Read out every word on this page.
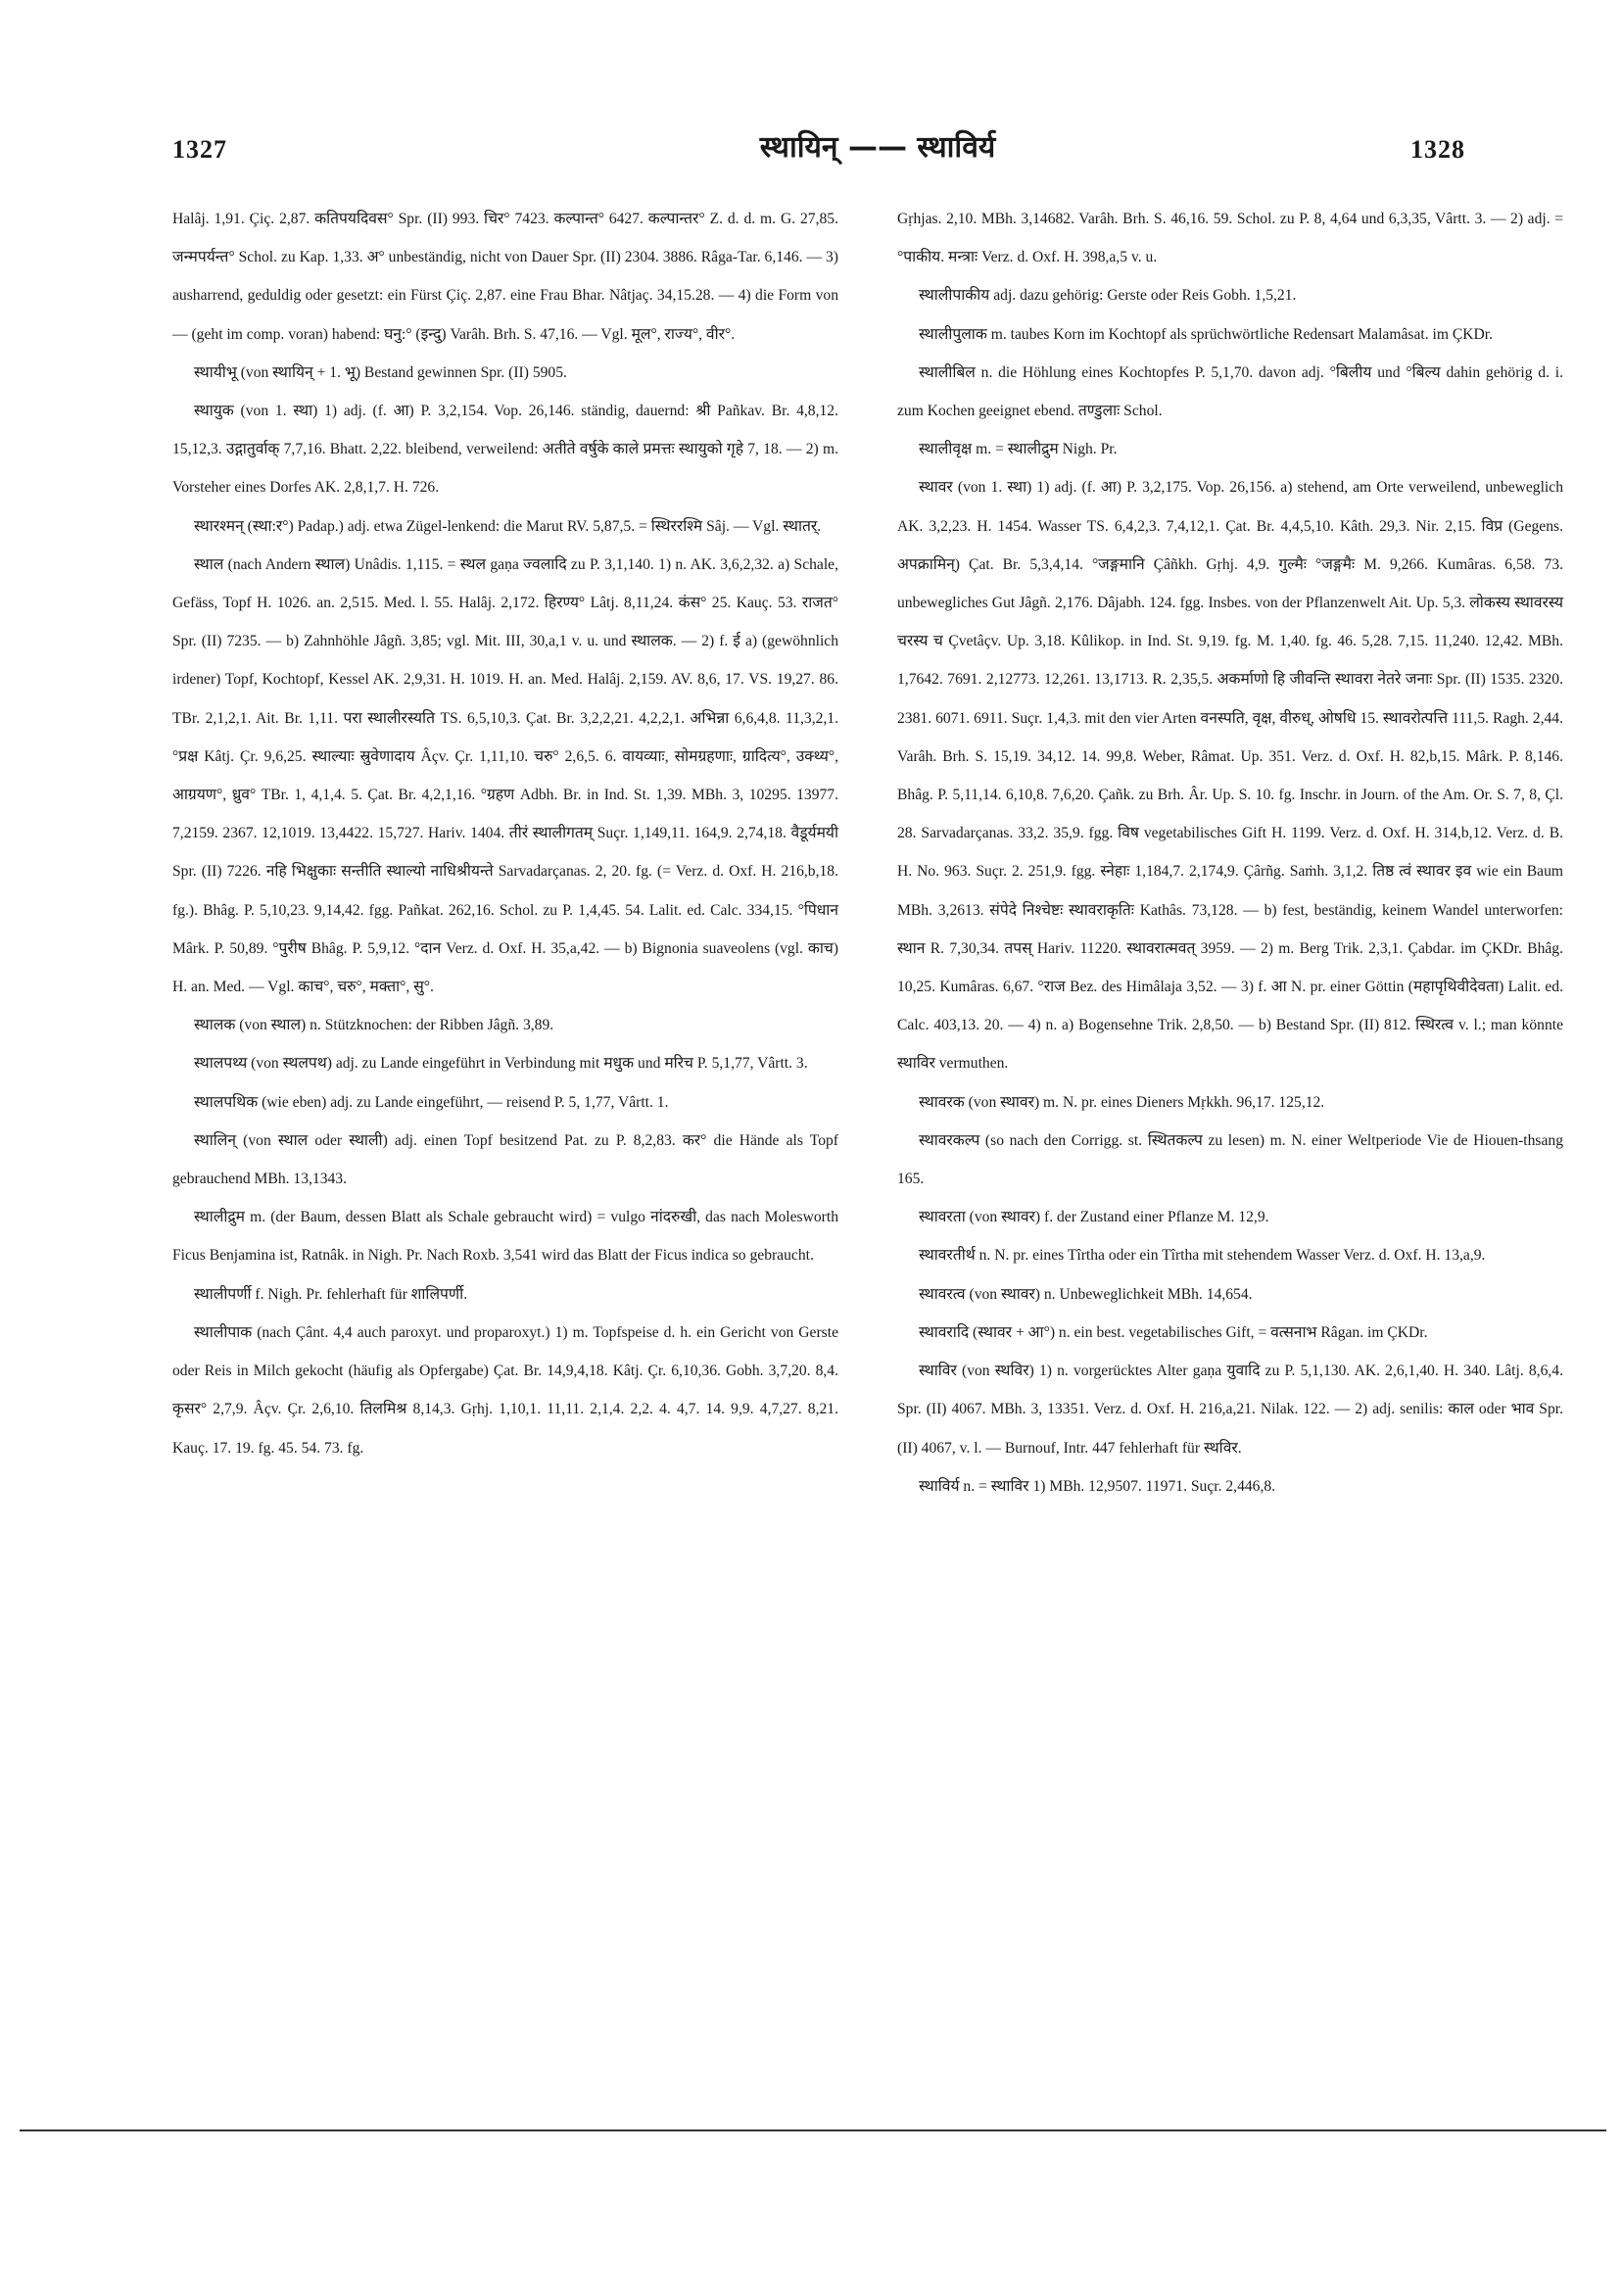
1327	स्थायिन् —— स्थाविर्य	1328

Halâj. 1,91. Çiç. 2,87. कतिपयदिवस° Spr. (II) 993. चिर° 7423. कल्पान्त° 6427. कल्पान्तर° Z. d. d. m. G. 27,85. जन्मपर्यन्त° Schol. zu Kap. 1,33. अ° unbeständig, nicht von Dauer Spr. (II) 2304. 3886. Râga-Tar. 6,146. — 3) ausharrend, geduldig oder gesetzt: ein Fürst Çiç. 2,87. eine Frau Bhar. Nâtjaç. 34,15.28. — 4) die Form von — (geht im comp. voran) habend: घनु:° (इन्दु) Varâh. Brh. S. 47,16. — Vgl. मूल°, राज्य°, वीर°.

स्थायीभू (von स्थायिन् + 1. भू) Bestand gewinnen Spr. (II) 5905.

स्थायुक (von 1. स्था) 1) adj. (f. आ) P. 3,2,154. Vop. 26,146. ständig, dauernd: श्री Pañkav. Br. 4,8,12. 15,12,3. उद्गातुर्वाक् 7,7,16. Bhatt. 2,22. bleibend, verweilend: अतीते वर्षुके काले प्रमत्तः स्थायुको गृहे 7, 18. — 2) m. Vorsteher eines Dorfes AK. 2,8,1,7. H. 726.

स्थारश्मन् (स्था:र°) Padap.) adj. etwa Zügel-lenkend: die Marut RV. 5,87,5. = स्थिररश्मि Sâj. — Vgl. स्थातर्.

स्थाल (nach Andern स्थाल) Unâdis. 1,115. = स्थल gaṇa ज्वलादि zu P. 3,1,140. 1) n. AK. 3,6,2,32. a) Schale, Gefäss, Topf H. 1026. an. 2,515. Med. l. 55. Halâj. 2,172. हिरण्य° Lâtj. 8,11,24. कंस° 25. Kauç. 53. राजत° Spr. (II) 7235. — b) Zahnhöhle Jâgñ. 3,85; vgl. Mit. III, 30,a,1 v. u. und स्थालक. — 2) f. ई a) (gewöhnlich irdener) Topf, Kochtopf, Kessel AK. 2,9,31. H. 1019. H. an. Med. Halâj. 2,159. AV. 8,6, 17. VS. 19,27. 86. TBr. 2,1,2,1. Ait. Br. 1,11. परा स्थालीरस्यति TS. 6,5,10,3. Çat. Br. 3,2,2,21. 4,2,2,1. अभिन्ना 6,6,4,8. 11,3,2,1. °प्रक्ष Kâtj. Çr. 9,6,25. स्थाल्याः स्रुवेणादाय Âçv. Çr. 1,11,10. चरु° 2,6,5. 6. वायव्याः, सोमग्रहणाः, ग्रादित्य°, उक्थ्य°, आग्रयण°, ध्रुव° TBr. 1, 4,1,4. 5. Çat. Br. 4,2,1,16. °ग्रहण Adbh. Br. in Ind. St. 1,39. MBh. 3, 10295. 13977. 7,2159. 2367. 12,1019. 13,4422. 15,727. Hariv. 1404. तीरं स्थालीगतम् Suçr. 1,149,11. 164,9. 2,74,18. वैडूर्यमयी Spr. (II) 7226. नहि भिक्षुकाः सन्तीति स्थाल्यो नाधिश्रीयन्ते Sarvadarçanas. 2, 20. fg. (= Verz. d. Oxf. H. 216,b,18. fg.). Bhâg. P. 5,10,23. 9,14,42. fgg. Pañkat. 262,16. Schol. zu P. 1,4,45. 54. Lalit. ed. Calc. 334,15. °पिधान Mârk. P. 50,89. °पुरीष Bhâg. P. 5,9,12. °दान Verz. d. Oxf. H. 35,a,42. — b) Bignonia suaveolens (vgl. काच) H. an. Med. — Vgl. काच°, चरु°, मक्ता°, सु°.

स्थालक (von स्थाल) n. Stützknochen: der Ribben Jâgñ. 3,89.

स्थालपथ्य (von स्थलपथ) adj. zu Lande eingeführt in Verbindung mit मधुक und मरिच P. 5,1,77, Vârtt. 3.

स्थालपथिक (wie eben) adj. zu Lande eingeführt, — reisend P. 5, 1,77, Vârtt. 1.

स्थालिन् (von स्थाल oder स्थाली) adj. einen Topf besitzend Pat. zu P. 8,2,83. कर° die Hände als Topf gebrauchend MBh. 13,1343.

स्थालीद्रुम m. (der Baum, dessen Blatt als Schale gebraucht wird) = vulgo नांदरुखी, das nach Molesworth Ficus Benjamina ist, Ratnâk. in Nigh. Pr. Nach Roxb. 3,541 wird das Blatt der Ficus indica so gebraucht.

स्थालीपर्णी f. Nigh. Pr. fehlerhaft für शालिपर्णी.

स्थालीपाक (nach Çânt. 4,4 auch paroxyt. und proparoxyt.) 1) m. Topfspeise d. h. ein Gericht von Gerste oder Reis in Milch gekocht (häufig als Opfergabe) Çat. Br. 14,9,4,18. Kâtj. Çr. 6,10,36. Gobh. 3,7,20. 8,4. कृसर° 2,7,9. Âçv. Çr. 2,6,10. तिलमिश्र 8,14,3. Gṛhj. 1,10,1. 11,11. 2,1,4. 2,2. 4. 4,7. 14. 9,9. 4,7,27. 8,21. Kauç. 17. 19. fg. 45. 54. 73. fg.

Gṛhjas. 2,10. MBh. 3,14682. Varâh. Brh. S. 46,16. 59. Schol. zu P. 8, 4,64 und 6,3,35, Vârtt. 3. — 2) adj. = °पाकीय. मन्त्राः Verz. d. Oxf. H. 398,a,5 v. u.

स्थालीपाकीय adj. dazu gehörig: Gerste oder Reis Gobh. 1,5,21.

स्थालीपुलाक m. taubes Korn im Kochtopf als sprüchwörtliche Redensart Malamâsat. im ÇKDr.

स्थालीबिल n. die Höhlung eines Kochtopfes P. 5,1,70. davon adj. °बिलीय und °बिल्य dahin gehörig d. i. zum Kochen geeignet ebend. तण्डुलाः Schol.

स्थालीवृक्ष m. = स्थालीद्रुम Nigh. Pr.

स्थावर (von 1. स्था) 1) adj. (f. आ) P. 3,2,175. Vop. 26,156. a) stehend, am Orte verweilend, unbeweglich AK. 3,2,23. H. 1454. Wasser TS. 6,4,2,3. 7,4,12,1. Çat. Br. 4,4,5,10. Kâth. 29,3. Nir. 2,15. विप्र (Gegens. अपक्रामिन्) Çat. Br. 5,3,4,14. °जङ्गमानि Çâñkh. Gṛhj. 4,9. गुल्मैः °जङ्गमैः M. 9,266. Kumâras. 6,58. 73. unbewegliches Gut Jâgñ. 2,176. Dâjabh. 124. fgg. Insbes. von der Pflanzenwelt Ait. Up. 5,3. लोकस्य स्थावरस्य चरस्य च Çvetâçv. Up. 3,18. Kûlikop. in Ind. St. 9,19. fg. M. 1,40. fg. 46. 5,28. 7,15. 11,240. 12,42. MBh. 1,7642. 7691. 2,12773. 12,261. 13,1713. R. 2,35,5. अकर्माणो हि जीवन्ति स्थावरा नेतरे जनाः Spr. (II) 1535. 2320. 2381. 6071. 6911. Suçr. 1,4,3. mit den vier Arten वनस्पति, वृक्ष, वीरुध्, ओषधि 15. स्थावरोत्पत्ति 111,5. Ragh. 2,44. Varâh. Brh. S. 15,19. 34,12. 14. 99,8. Weber, Râmat. Up. 351. Verz. d. Oxf. H. 82,b,15. Mârk. P. 8,146. Bhâg. P. 5,11,14. 6,10,8. 7,6,20. Çañk. zu Brh. Âr. Up. S. 10. fg. Inschr. in Journ. of the Am. Or. S. 7, 8, Çl. 28. Sarvadarçanas. 33,2. 35,9. fgg. विष vegetabilisches Gift H. 1199. Verz. d. Oxf. H. 314,b,12. Verz. d. B. H. No. 963. Suçr. 2. 251,9. fgg. स्नेहाः 1,184,7. 2,174,9. Çârñg. Saṁh. 3,1,2. तिष्ठ त्वं स्थावर इव wie ein Baum MBh. 3,2613. संपेदे निश्चेष्टः स्थावराकृतिः Kathâs. 73,128. — b) fest, beständig, keinem Wandel unterworfen: स्थान R. 7,30,34. तपस् Hariv. 11220. स्थावरात्मवत् 3959. — 2) m. Berg Trik. 2,3,1. Çabdar. im ÇKDr. Bhâg. 10,25. Kumâras. 6,67. °राज Bez. des Himâlaja 3,52. — 3) f. आ N. pr. einer Göttin (महापृथिवीदेवता) Lalit. ed. Calc. 403,13. 20. — 4) n. a) Bogensehne Trik. 2,8,50. — b) Bestand Spr. (II) 812. स्थिरत्व v. l.; man könnte स्थाविर vermuthen.

स्थावरक (von स्थावर) m. N. pr. eines Dieners Mṛkkh. 96,17. 125,12.

स्थावरकल्प (so nach den Corrigg. st. स्थितकल्प zu lesen) m. N. einer Weltperiode Vie de Hiouen-thsang 165.

स्थावरता (von स्थावर) f. der Zustand einer Pflanze M. 12,9.

स्थावरतीर्थ n. N. pr. eines Tîrtha oder ein Tîrtha mit stehendem Wasser Verz. d. Oxf. H. 13,a,9.

स्थावरत्व (von स्थावर) n. Unbeweglichkeit MBh. 14,654.

स्थावरादि (स्थावर + आ°) n. ein best. vegetabilisches Gift, = वत्सनाभ Râgan. im ÇKDr.

स्थाविर (von स्थविर) 1) n. vorgerücktes Alter gaṇa युवादि zu P. 5,1,130. AK. 2,6,1,40. H. 340. Lâtj. 8,6,4. Spr. (II) 4067. MBh. 3, 13351. Verz. d. Oxf. H. 216,a,21. Nilak. 122. — 2) adj. senilis: काल oder भाव Spr. (II) 4067, v. l. — Burnouf, Intr. 447 fehlerhaft für स्थविर.

स्थाविर्य n. = स्थाविर 1) MBh. 12,9507. 11971. Suçr. 2,446,8.
